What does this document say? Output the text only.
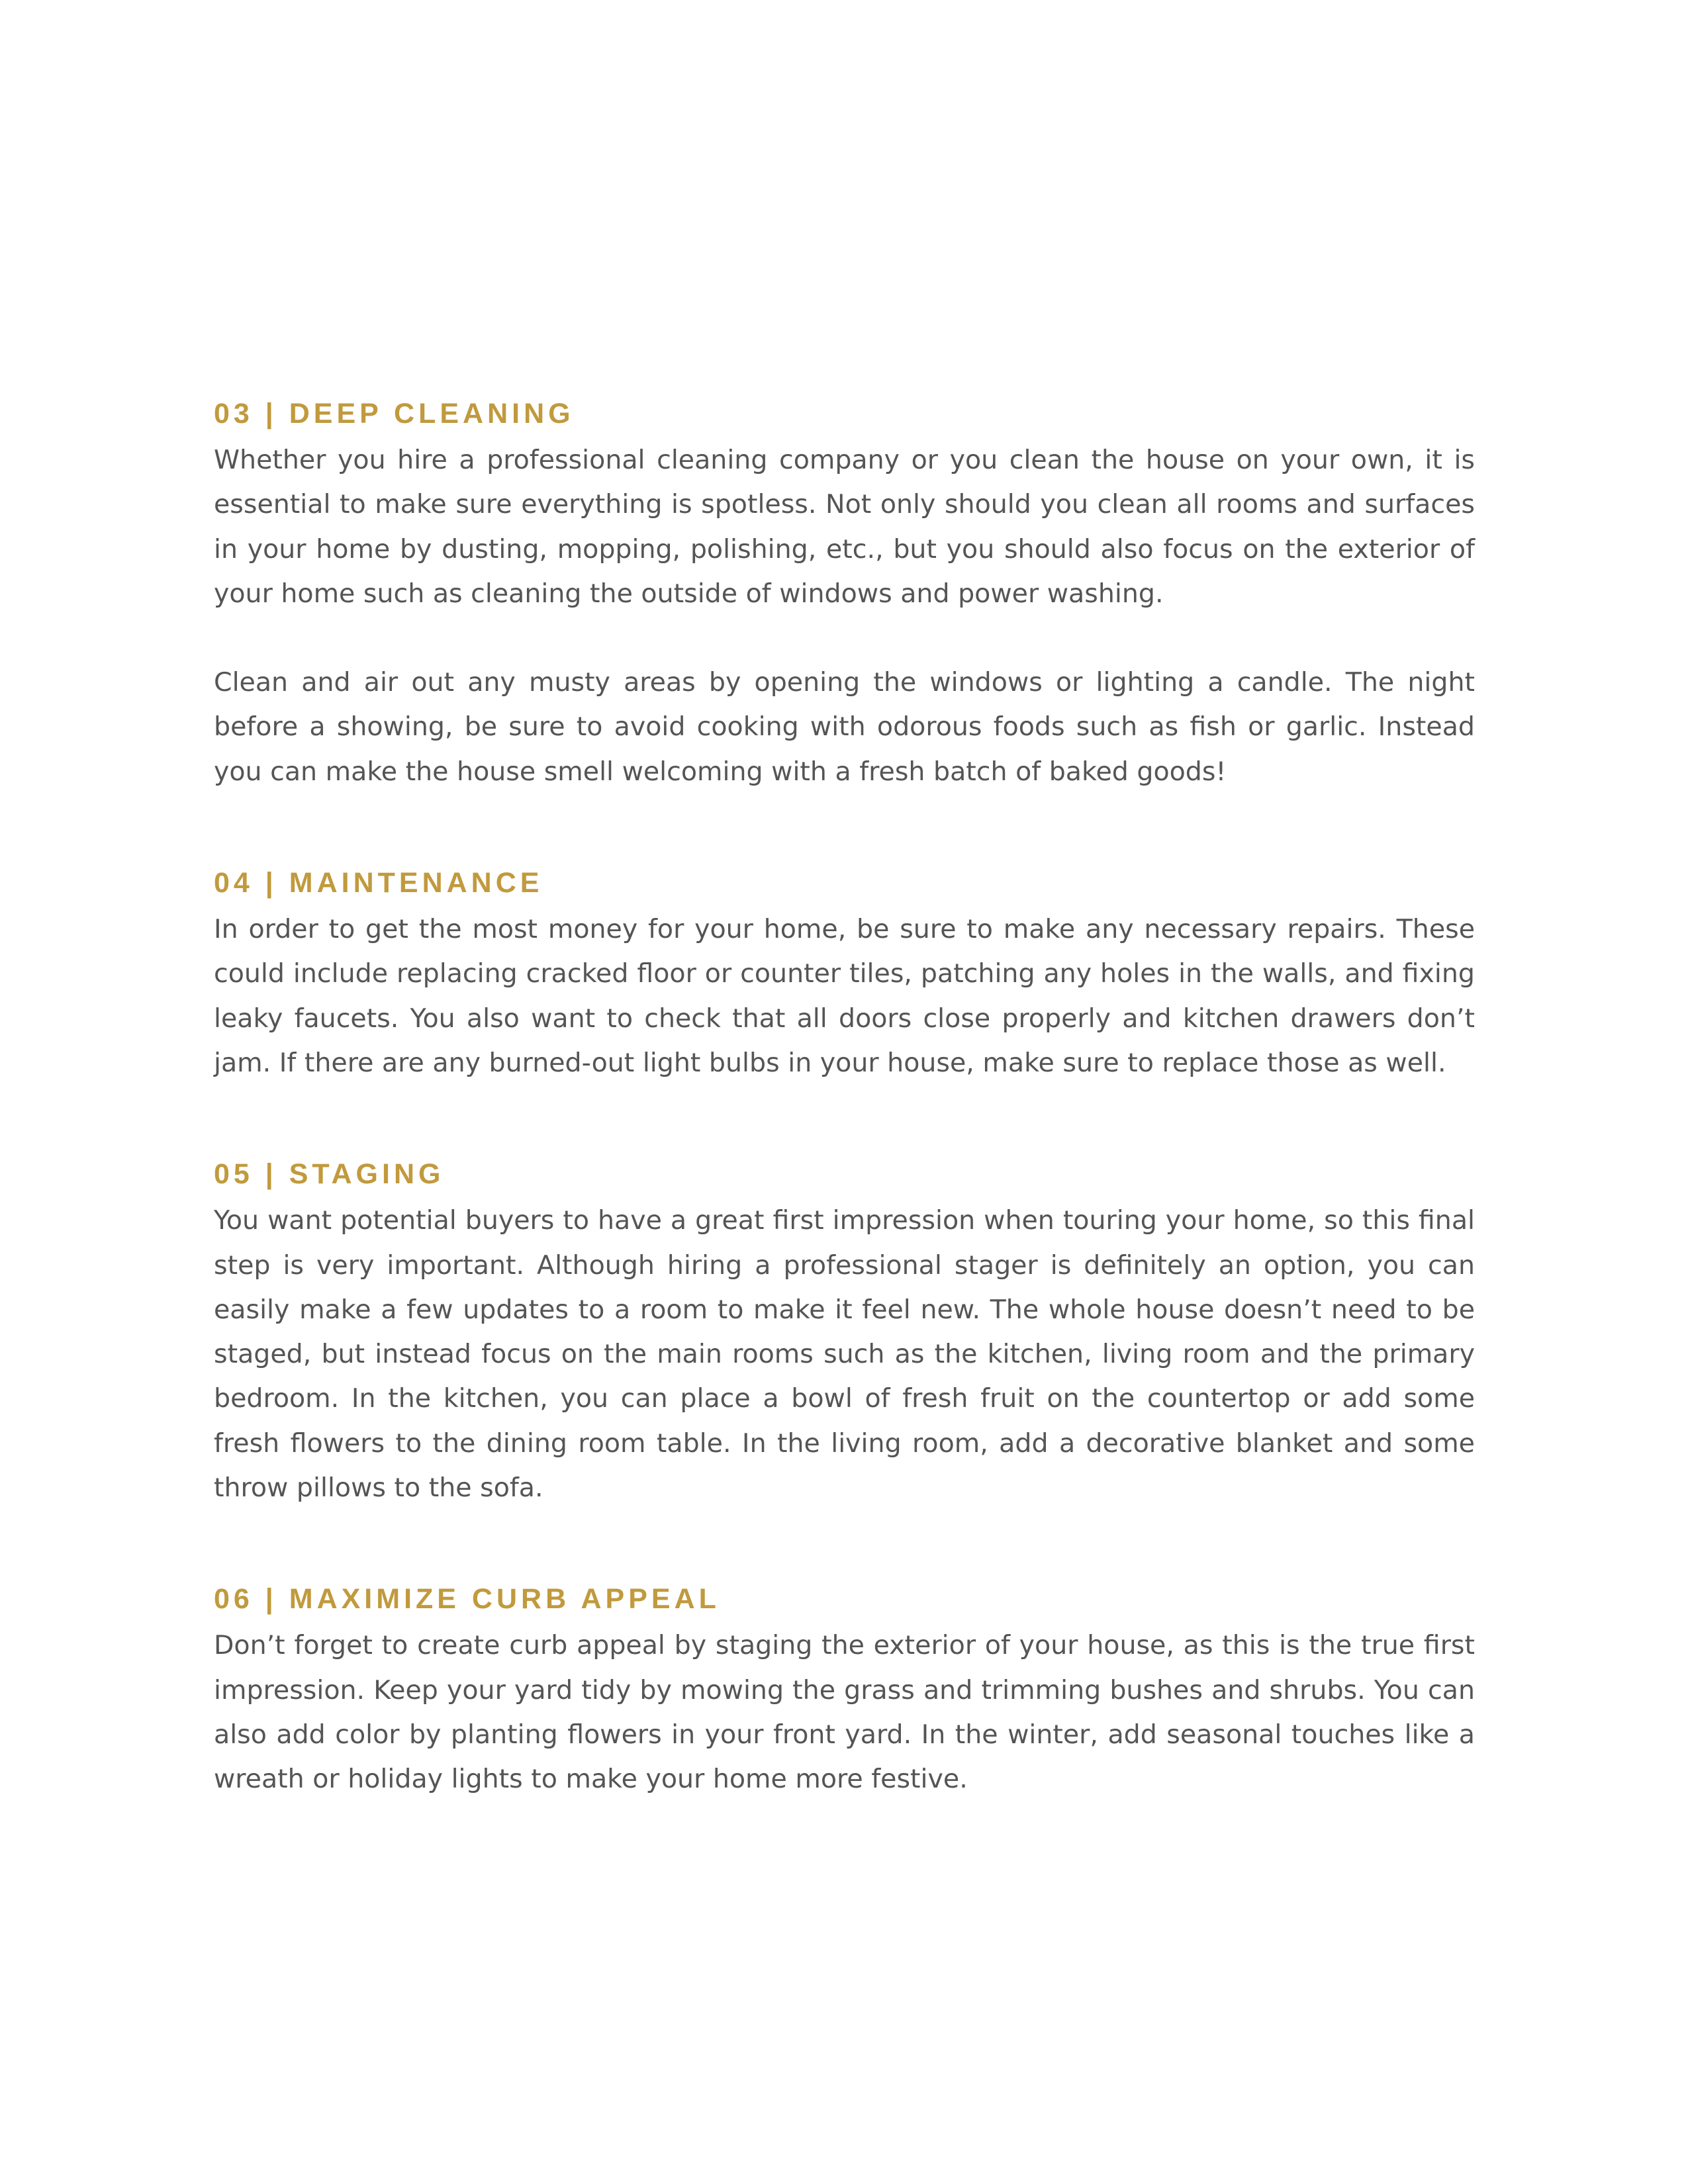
03 | DEEP CLEANING

Whether you hire a professional cleaning company or you clean the house on your own, it is essential to make sure everything is spotless. Not only should you clean all rooms and surfaces in your home by dusting, mopping, polishing, etc., but you should also focus on the exterior of your home such as cleaning the outside of windows and power washing.

Clean and air out any musty areas by opening the windows or lighting a candle. The night before a showing, be sure to avoid cooking with odorous foods such as fish or garlic. Instead you can make the house smell welcoming with a fresh batch of baked goods!

04 | MAINTENANCE

In order to get the most money for your home, be sure to make any necessary repairs. These could include replacing cracked floor or counter tiles, patching any holes in the walls, and fixing leaky faucets. You also want to check that all doors close properly and kitchen drawers don’t jam. If there are any burned-out light bulbs in your house, make sure to replace those as well.

05 | STAGING

You want potential buyers to have a great first impression when touring your home, so this final step is very important. Although hiring a professional stager is definitely an option, you can easily make a few updates to a room to make it feel new. The whole house doesn’t need to be staged, but instead focus on the main rooms such as the kitchen, living room and the primary bedroom. In the kitchen, you can place a bowl of fresh fruit on the countertop or add some fresh flowers to the dining room table. In the living room, add a decorative blanket and some throw pillows to the sofa.

06 | MAXIMIZE CURB APPEAL

Don’t forget to create curb appeal by staging the exterior of your house, as this is the true first impression. Keep your yard tidy by mowing the grass and trimming bushes and shrubs. You can also add color by planting flowers in your front yard. In the winter, add seasonal touches like a wreath or holiday lights to make your home more festive.
